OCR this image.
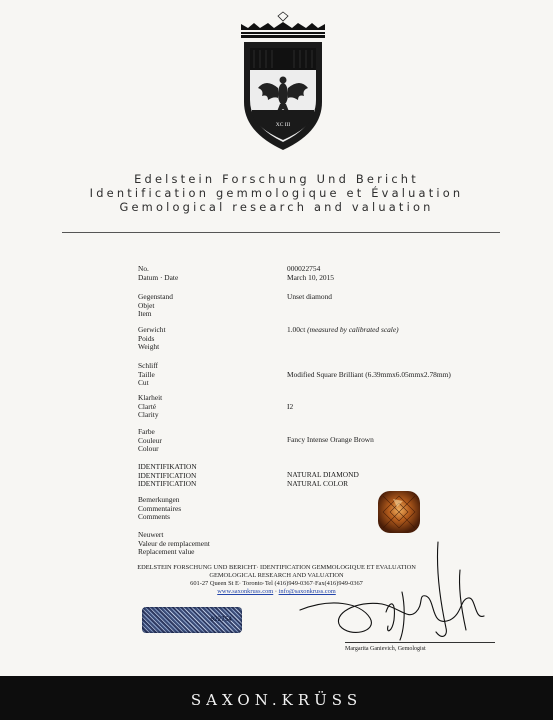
XC III
Edelstein Forschung Und Bericht
Identification gemmologique et Évaluation
Gemological research and valuation
No.
Datum · Date
Gegenstand
Objet
Item
Gerwicht
Poids
Weight
Schliff
Taille
Cut
Klarheit
Clarté
Clarity
Farbe
Couleur
Colour
IDENTIFIKATION
IDENTIFICATION
IDENTIFICATION
Bemerkungen
Commentaires
Comments
Neuwert
Valeur de remplacement
Replacement value
000022754
March 10, 2015
Unset diamond
1.00ct (measured by calibrated scale)
Modified Square Brilliant (6.39mmx6.05mmx2.78mm)
I2
Fancy Intense Orange Brown
NATURAL DIAMOND
NATURAL COLOR
EDELSTEIN FORSCHUNG UND BERICHT· IDENTIFICATION GEMMOLOGIQUE ET EVALUATION
GEMOLOGICAL RESEARCH AND VALUATION
601-27 Queen St E· Toronto·Tel (416)949-0367·Fax(416)949-0367
www.saxonkruss.com · info@saxonkruss.com
022754
Margarita Ganievich, Gemologist
SAXON.KRÜSS
